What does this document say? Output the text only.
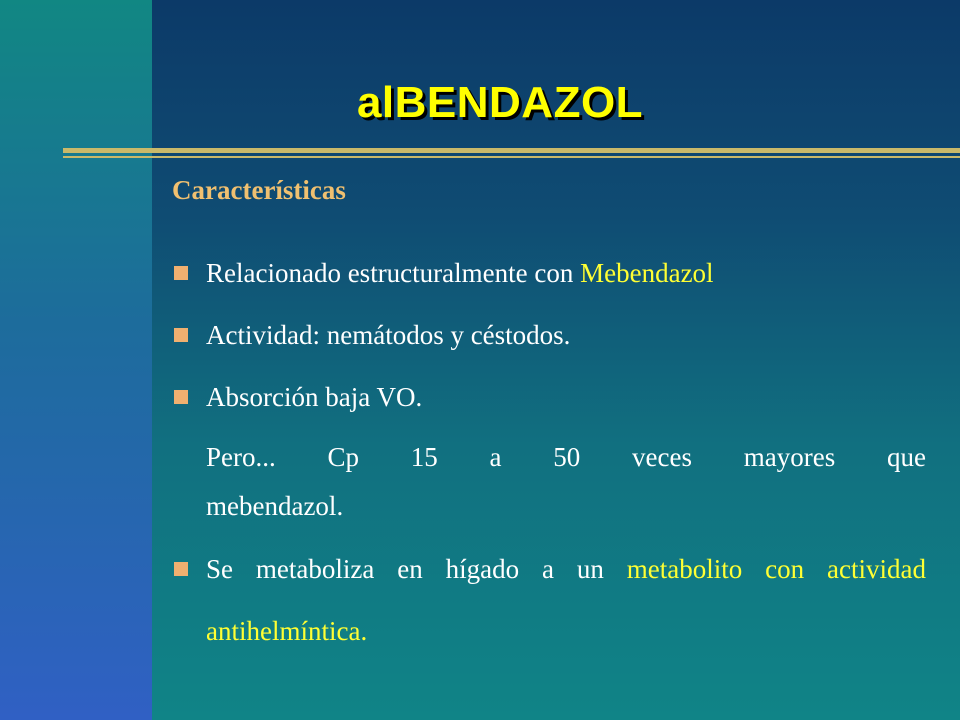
alBENDAZOL
Características
Relacionado estructuralmente con Mebendazol
Actividad: nemátodos y céstodos.
Absorción baja VO.
Pero... Cp 15 a 50 veces mayores que
mebendazol.
Se metaboliza en hígado a un metabolito con actividad antihelmíntica.
